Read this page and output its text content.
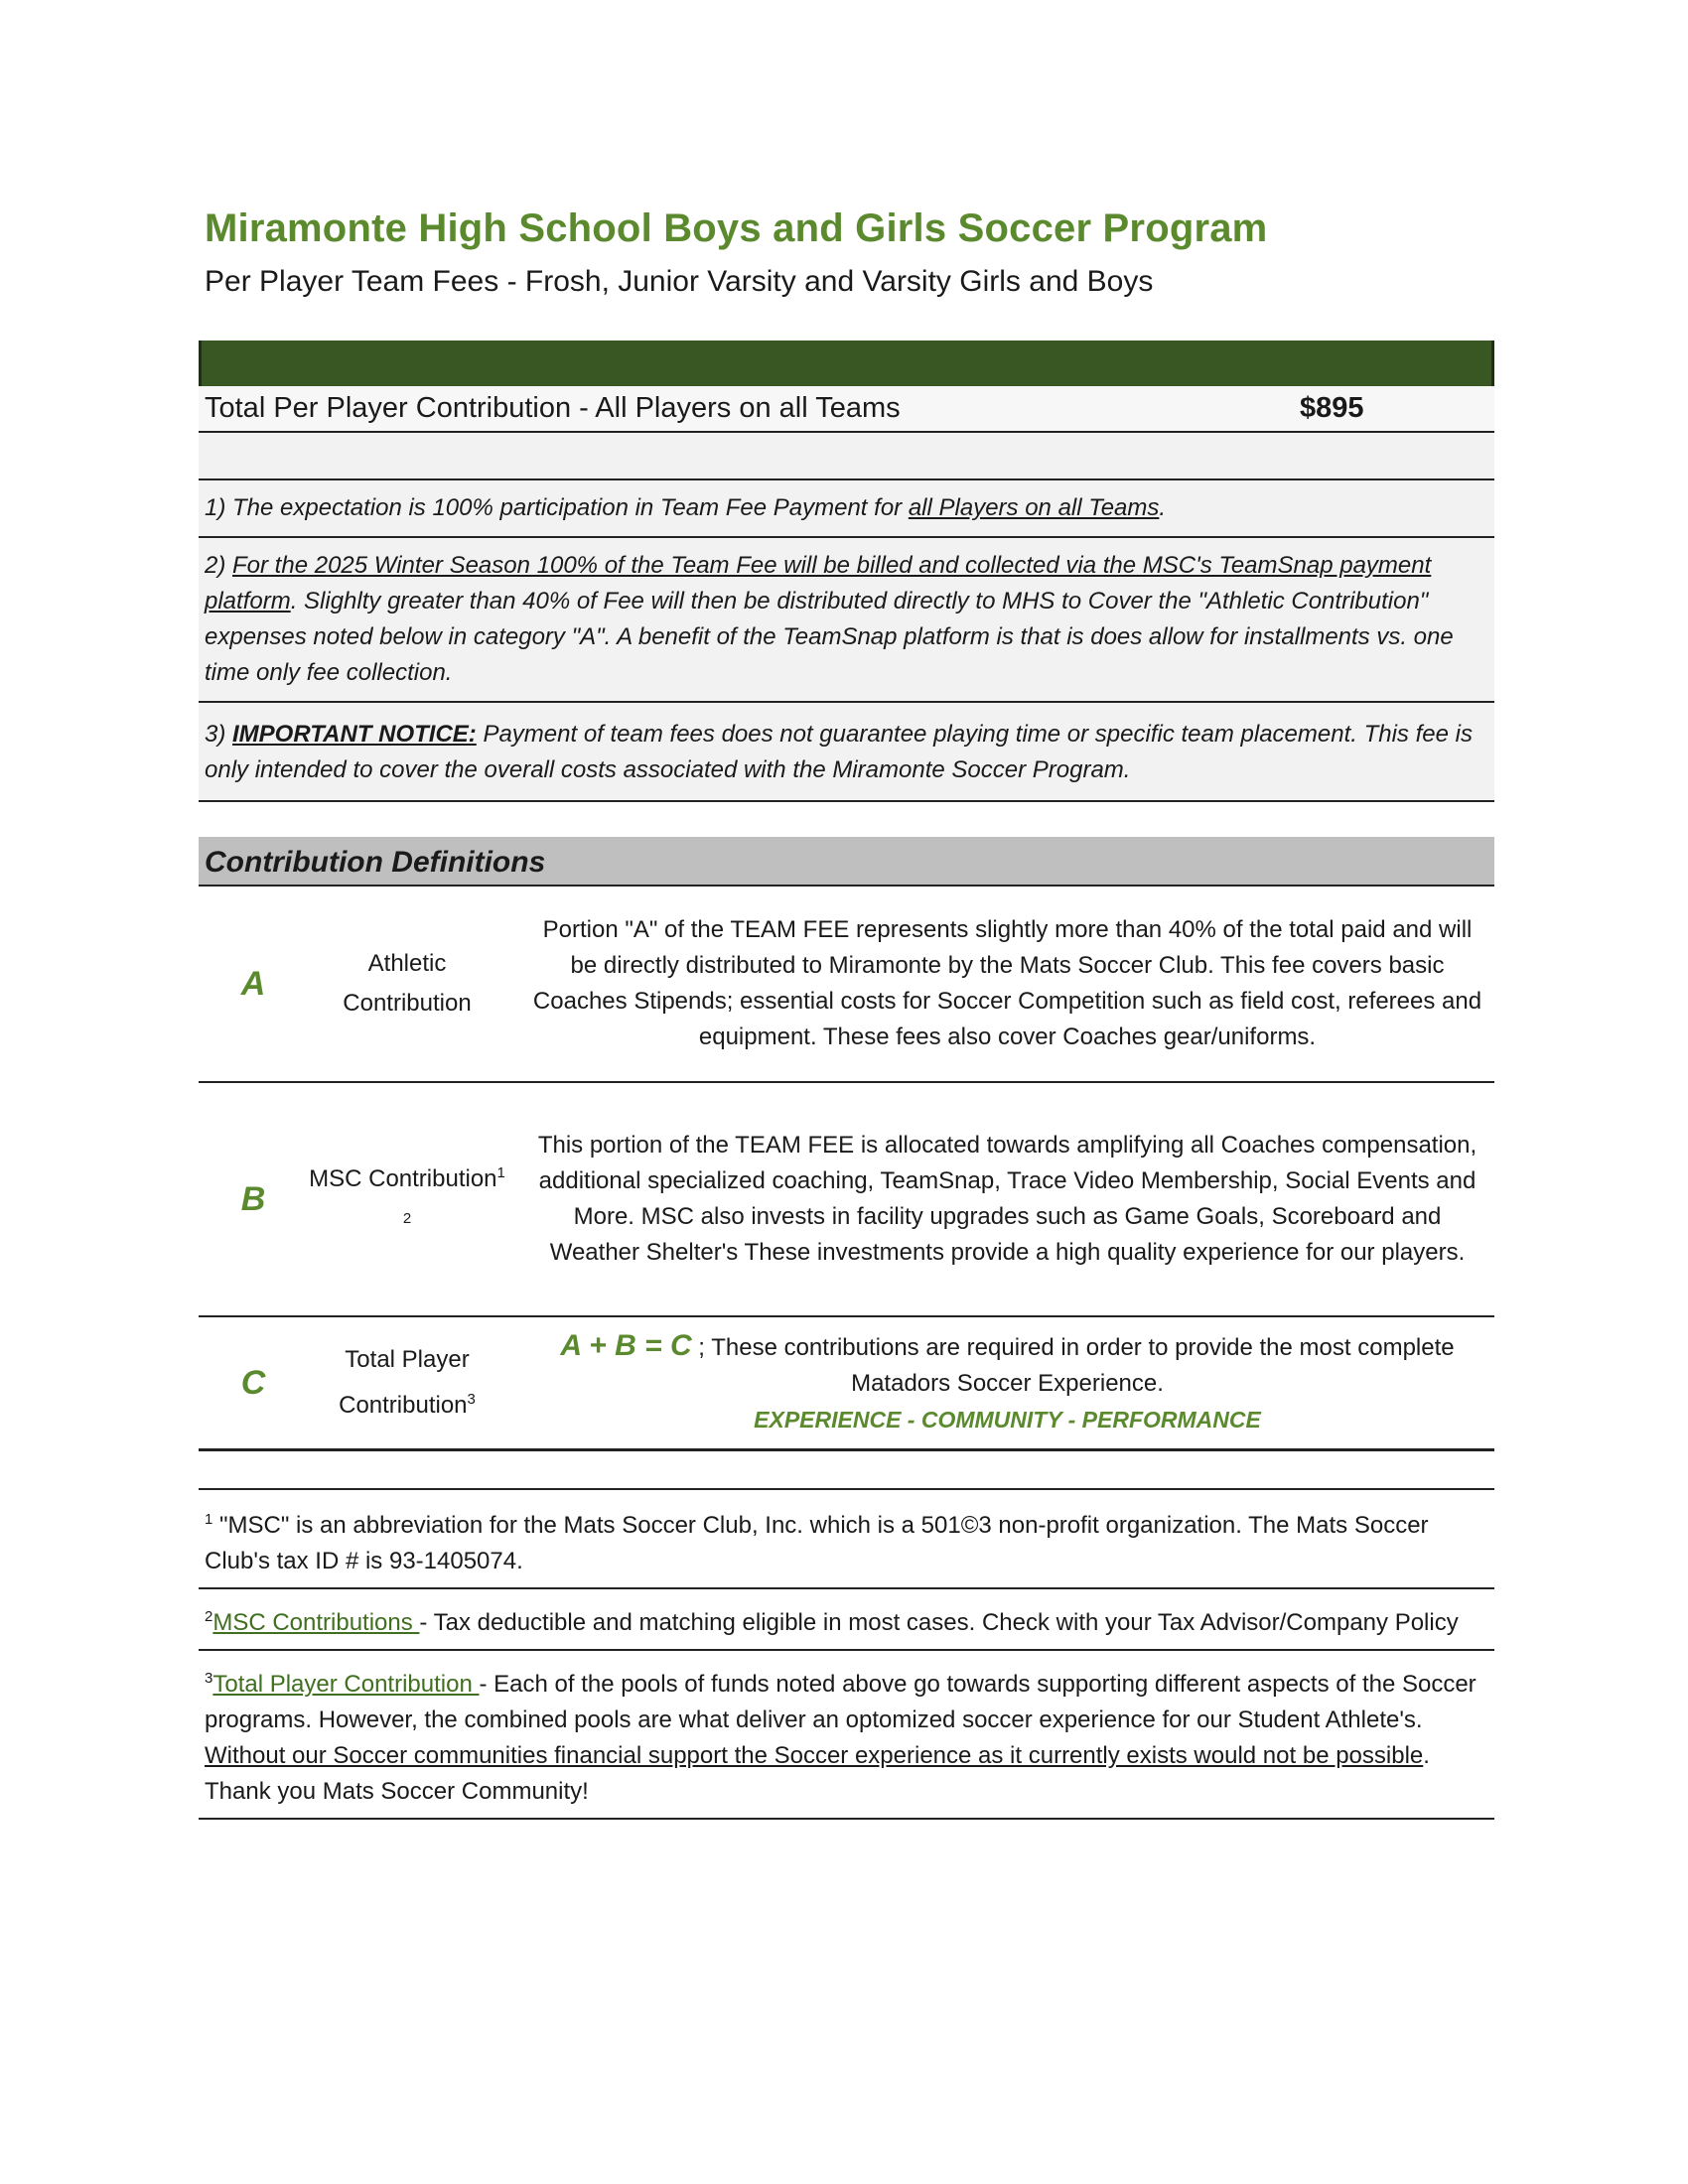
Miramonte High School Boys and Girls Soccer Program
Per Player Team Fees - Frosh, Junior Varsity and Varsity Girls and Boys
Total Per Player Contribution - All Players on all Teams	$895
1) The expectation is 100% participation in Team Fee Payment for all Players on all Teams.
2) For the 2025 Winter Season 100% of the Team Fee will be billed and collected via the MSC's TeamSnap payment platform. Slighlty greater than 40% of Fee will then be distributed directly to MHS to Cover the "Athletic Contribution" expenses noted below in category "A". A benefit of the TeamSnap platform is that is does allow for installments vs. one time only fee collection.
3) IMPORTANT NOTICE: Payment of team fees does not guarantee playing time or specific team placement. This fee is only intended to cover the overall costs associated with the Miramonte Soccer Program.
Contribution Definitions
A
Athletic Contribution
Portion "A" of the TEAM FEE represents slightly more than 40% of the total paid and will be directly distributed to Miramonte by the Mats Soccer Club. This fee covers basic Coaches Stipends; essential costs for Soccer Competition such as field cost, referees and equipment. These fees also cover Coaches gear/uniforms.
B
MSC Contribution$^{1 2}$
This portion of the TEAM FEE is allocated towards amplifying all Coaches compensation, additional specialized coaching, TeamSnap, Trace Video Membership, Social Events and More. MSC also invests in facility upgrades such as Game Goals, Scoreboard and Weather Shelter's These investments provide a high quality experience for our players.
C
Total Player Contribution$^3$
A + B = C ; These contributions are required in order to provide the most complete Matadors Soccer Experience.
EXPERIENCE - COMMUNITY - PERFORMANCE
$^1$ "MSC" is an abbreviation for the Mats Soccer Club, Inc. which is a 501©3 non-profit organization. The Mats Soccer Club's tax ID # is 93-1405074.
$^2$MSC Contributions - Tax deductible and matching eligible in most cases. Check with your Tax Advisor/Company Policy
$^3$Total Player Contribution - Each of the pools of funds noted above go towards supporting different aspects of the Soccer programs. However, the combined pools are what deliver an optomized soccer experience for our Student Athlete's. Without our Soccer communities financial support the Soccer experience as it currently exists would not be possible. Thank you Mats Soccer Community!
